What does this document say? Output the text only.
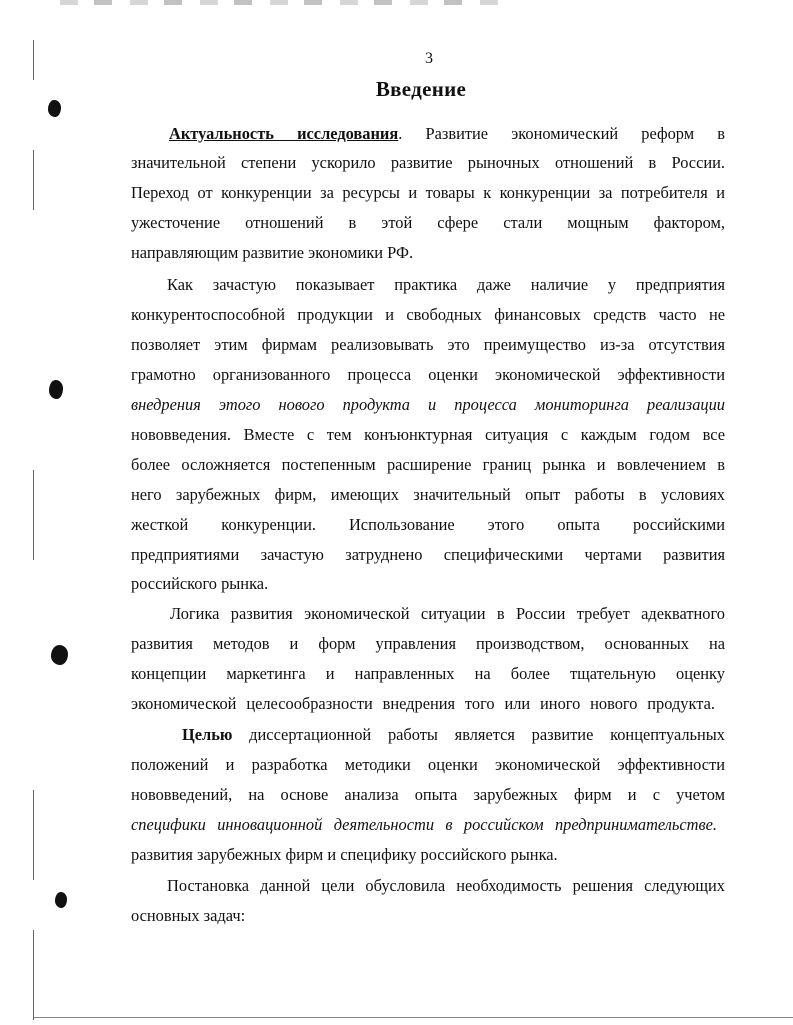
3
Введение
Актуальность исследования. Развитие экономический реформ в
значительной степени ускорило развитие рыночных отношений в России.
Переход от конкуренции за ресурсы и товары к конкуренции за потребителя и
ужесточение отношений в этой сфере стали мощным фактором,
направляющим развитие экономики РФ.
Как зачастую показывает практика даже наличие у предприятия
конкурентоспособной продукции и свободных финансовых средств часто не
позволяет этим фирмам реализовывать это преимущество из-за отсутствия
грамотно организованного процесса оценки экономической эффективности
внедрения этого нового продукта и процесса мониторинга реализации
нововведения. Вместе с тем конъюнктурная ситуация с каждым годом все
более осложняется постепенным расширение границ рынка и вовлечением в
него зарубежных фирм, имеющих значительный опыт работы в условиях
жесткой конкуренции. Использование этого опыта российскими
предприятиями зачастую затруднено специфическими чертами развития
российского рынка.
Логика развития экономической ситуации в России требует адекватного
развития методов и форм управления производством, основанных на
концепции маркетинга и направленных на более тщательную оценку
экономической целесообразности внедрения того или иного нового продукта.
Целью диссертационной работы является развитие концептуальных
положений и разработка методики оценки экономической эффективности
нововведений, на основе анализа опыта зарубежных фирм и с учетом
специфики инновационной деятельности в российском предпринимательстве.
развития зарубежных фирм и специфику российского рынка.
Постановка данной цели обусловила необходимость решения следующих
основных задач:
